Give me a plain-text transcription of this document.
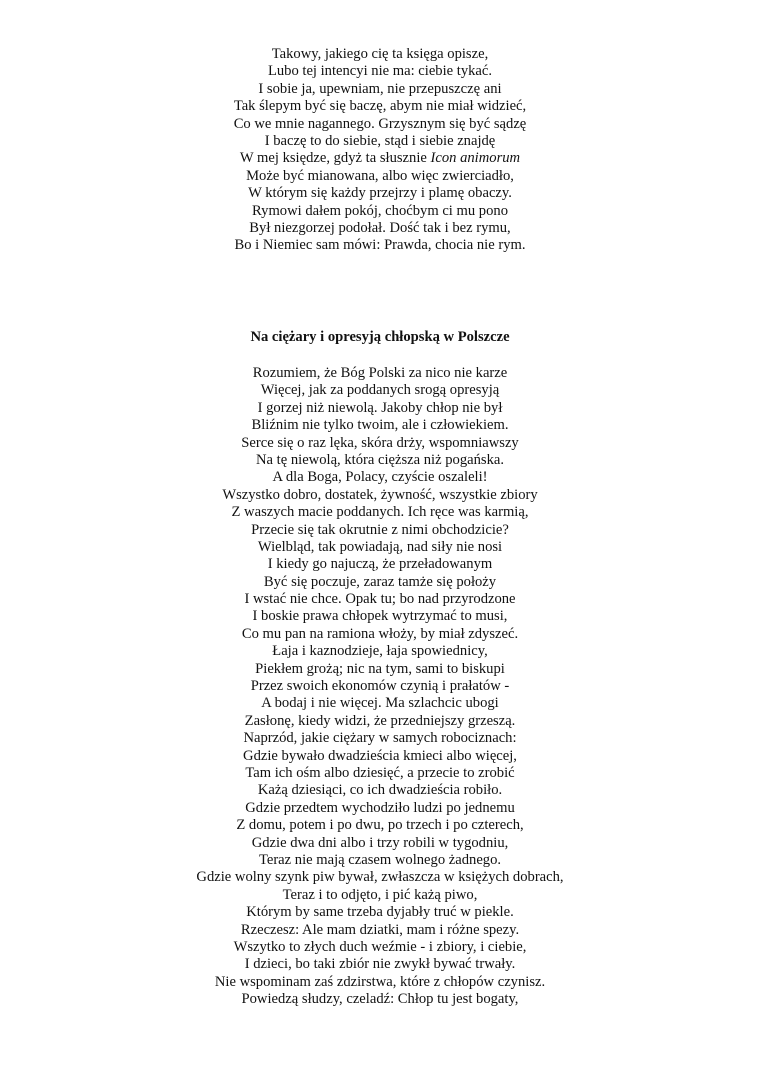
Takowy, jakiego cię ta księga opisze,
Lubo tej intencyi nie ma: ciebie tykać.
I sobie ja, upewniam, nie przepuszczę ani
Tak ślepym być się baczę, abym nie miał widzieć,
Co we mnie nagannego. Grzysznym się być sądzę
I baczę to do siebie, stąd i siebie znajdę
W mej księdze, gdyż ta słusznie Icon animorum
Może być mianowana, albo więc zwierciadło,
W którym się każdy przejrzy i plamę obaczy.
Rymowi dałem pokój, choćbym ci mu pono
Był niezgorzej podołał. Dość tak i bez rymu,
Bo i Niemiec sam mówi: Prawda, chocia nie rym.
Na ciężary i opresyją chłopską w Polszcze
Rozumiem, że Bóg Polski za nico nie karze
Więcej, jak za poddanych srogą opresyją
I gorzej niż niewolą. Jakoby chłop nie był
Bliźnim nie tylko twoim, ale i człowiekiem.
Serce się o raz lęka, skóra drży, wspomniawszy
Na tę niewolą, która cięższa niż pogańska.
A dla Boga, Polacy, czyście oszaleli!
Wszystko dobro, dostatek, żywność, wszystkie zbiory
Z waszych macie poddanych. Ich ręce was karmią,
Przecie się tak okrutnie z nimi obchodzicie?
Wielbląd, tak powiadają, nad siły nie nosi
I kiedy go najuczą, że przeładowanym
Być się poczuje, zaraz tamże się położy
I wstać nie chce. Opak tu; bo nad przyrodzone
I boskie prawa chłopek wytrzymać to musi,
Co mu pan na ramiona włoży, by miał zdyszeć.
Łaja i kaznodzieje, łaja spowiednicy,
Piekłem grożą; nic na tym, sami to biskupi
Przez swoich ekonomów czynią i prałatów -
A bodaj i nie więcej. Ma szlachcic ubogi
Zasłonę, kiedy widzi, że przedniejszy grzeszą.
Naprzód, jakie ciężary w samych robociznach:
Gdzie bywało dwadzieścia kmieci albo więcej,
Tam ich ośm albo dziesięć, a przecie to zrobić
Każą dziesiąci, co ich dwadzieścia robiło.
Gdzie przedtem wychodziło ludzi po jednemu
Z domu, potem i po dwu, po trzech i po czterech,
Gdzie dwa dni albo i trzy robili w tygodniu,
Teraz nie mają czasem wolnego żadnego.
Gdzie wolny szynk piw bywał, zwłaszcza w księżych dobrach,
Teraz i to odjęto, i pić każą piwo,
Którym by same trzeba dyjabły truć w piekle.
Rzeczesz: Ale mam dziatki, mam i różne spezy.
Wszytko to złych duch weźmie - i zbiory, i ciebie,
I dzieci, bo taki zbiór nie zwykł bywać trwały.
Nie wspominam zaś zdzirstwa, które z chłopów czynisz.
Powiedzą słudzy, czeladź: Chłop tu jest bogaty,
